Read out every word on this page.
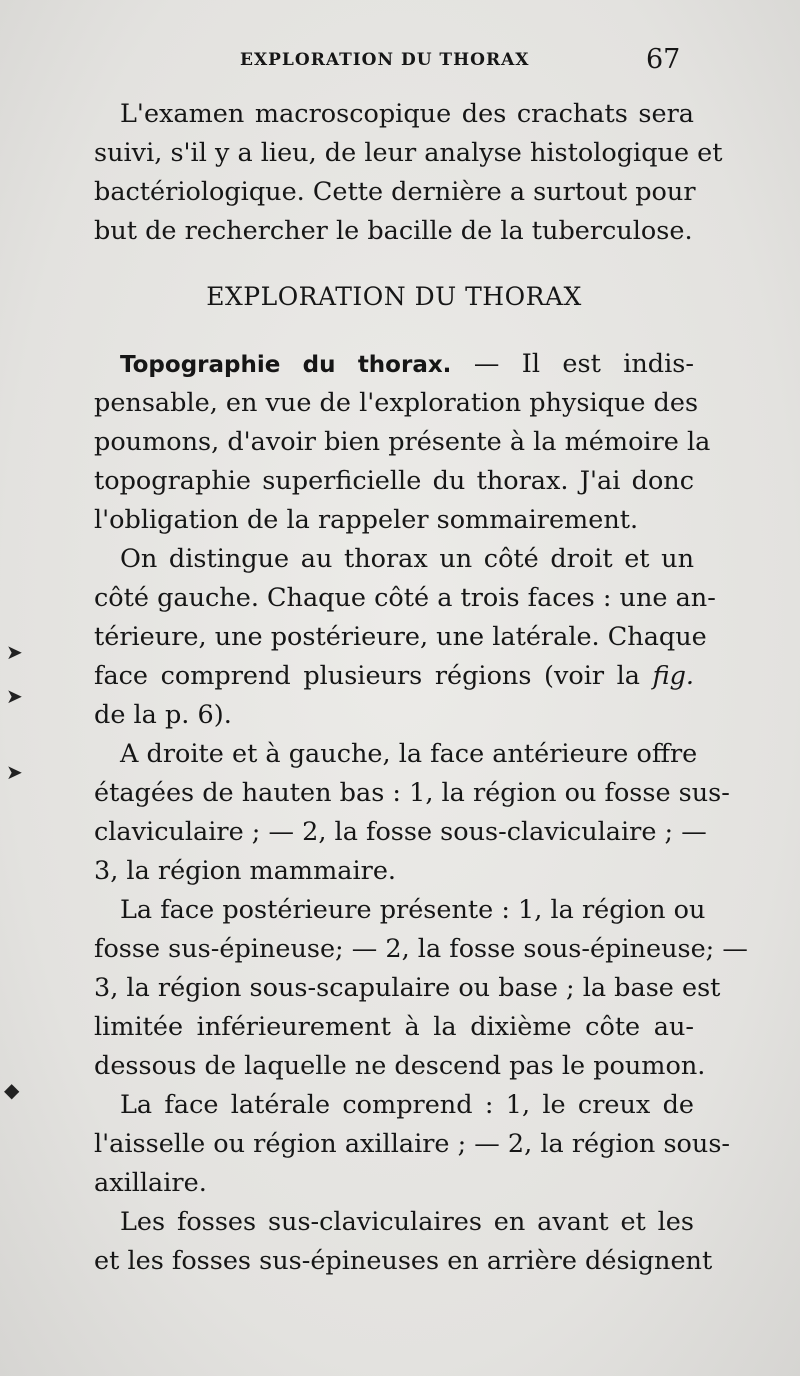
EXPLORATION DU THORAX	67
➤
➤
➤
◆
L'examen macroscopique des crachats sera
suivi, s'il y a lieu, de leur analyse histologique et
bactériologique. Cette dernière a surtout pour
but de rechercher le bacille de la tuberculose.
EXPLORATION DU THORAX
Topographie du thorax. — Il est indis-
pensable, en vue de l'exploration physique des
poumons, d'avoir bien présente à la mémoire la
topographie superficielle du thorax. J'ai donc
l'obligation de la rappeler sommairement.
On distingue au thorax un côté droit et un
côté gauche. Chaque côté a trois faces : une an-
térieure, une postérieure, une latérale. Chaque
face comprend plusieurs régions (voir la fig.
de la p. 6).
A droite et à gauche, la face antérieure offre
étagées de hauten bas : 1, la région ou fosse sus-
claviculaire ; — 2, la fosse sous-claviculaire ; —
3, la région mammaire.
La face postérieure présente : 1, la région ou
fosse sus-épineuse; — 2, la fosse sous-épineuse; —
3, la région sous-scapulaire ou base ; la base est
limitée inférieurement à la dixième côte au-
dessous de laquelle ne descend pas le poumon.
La face latérale comprend : 1, le creux de
l'aisselle ou région axillaire ; — 2, la région sous-
axillaire.
Les fosses sus-claviculaires en avant et les
et les fosses sus-épineuses en arrière désignent
